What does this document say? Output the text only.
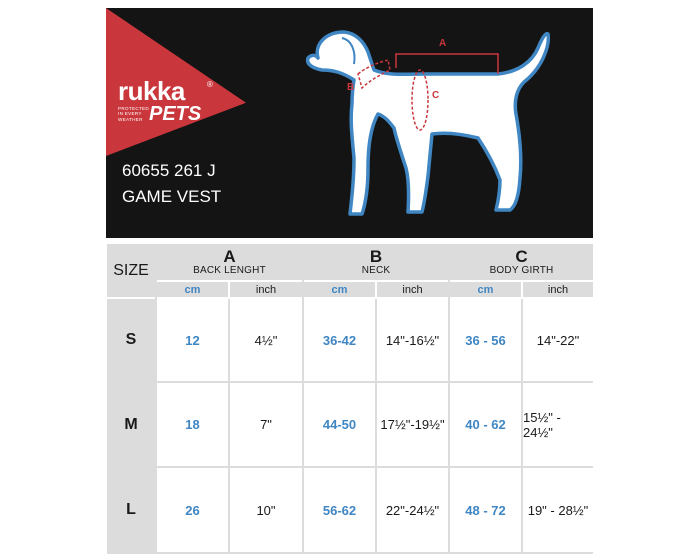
rukka	®
PROTECTED IN EVERY WEATHER PETS
60655 261 J
GAME VEST
A
B
C
SIZE
A
BACK LENGHT
B
NECK
C
BODY GIRTH
cm	inch	cm	inch	cm	inch
S	12	4½"	36-42	14"-16½"	36 - 56	14"-22"
M	18	7"	44-50	17½"-19½"	40 - 62	15½" - 24½"
L	26	10"	56-62	22"-24½"	48 - 72	19" - 28½"
